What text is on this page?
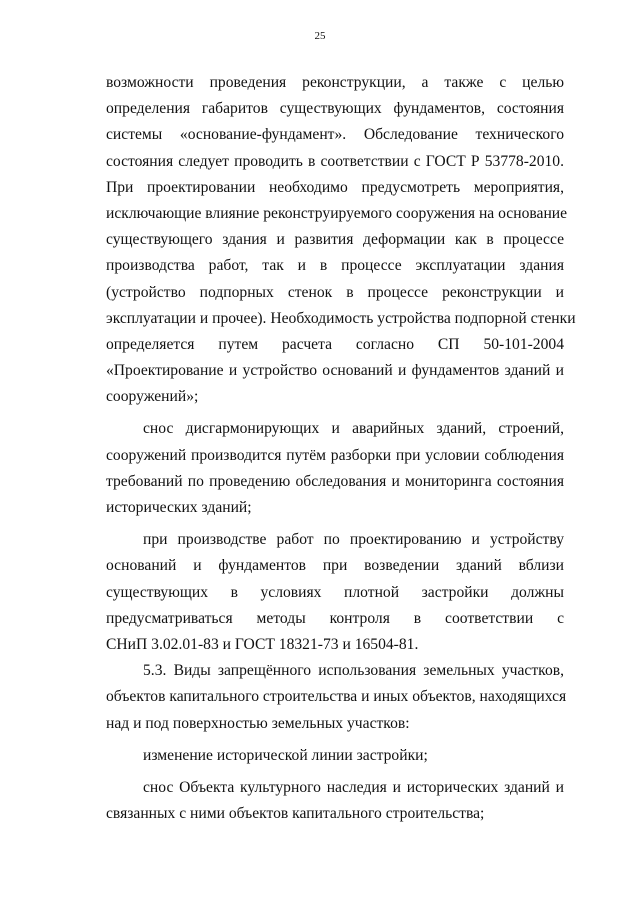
25
возможности проведения реконструкции, а также с целью
определения габаритов существующих фундаментов, состояния
системы «основание-фундамент». Обследование технического
состояния следует проводить в соответствии с ГОСТ Р 53778-2010.
При проектировании необходимо предусмотреть мероприятия,
исключающие влияние реконструируемого сооружения на основание
существующего здания и развития деформации как в процессе
производства работ, так и в процессе эксплуатации здания
(устройство подпорных стенок в процессе реконструкции и
эксплуатации и прочее). Необходимость устройства подпорной стенки
определяется путем расчета согласно СП 50-101-2004
«Проектирование и устройство оснований и фундаментов зданий и
сооружений»;
снос дисгармонирующих и аварийных зданий, строений,
сооружений производится путём разборки при условии соблюдения
требований по проведению обследования и мониторинга состояния
исторических зданий;
при производстве работ по проектированию и устройству
оснований и фундаментов при возведении зданий вблизи
существующих в условиях плотной застройки должны
предусматриваться методы контроля в соответствии с
СНиП 3.02.01-83 и ГОСТ 18321-73 и 16504-81.
5.3. Виды запрещённого использования земельных участков,
объектов капитального строительства и иных объектов, находящихся
над и под поверхностью земельных участков:
изменение исторической линии застройки;
снос Объекта культурного наследия и исторических зданий и
связанных с ними объектов капитального строительства;
